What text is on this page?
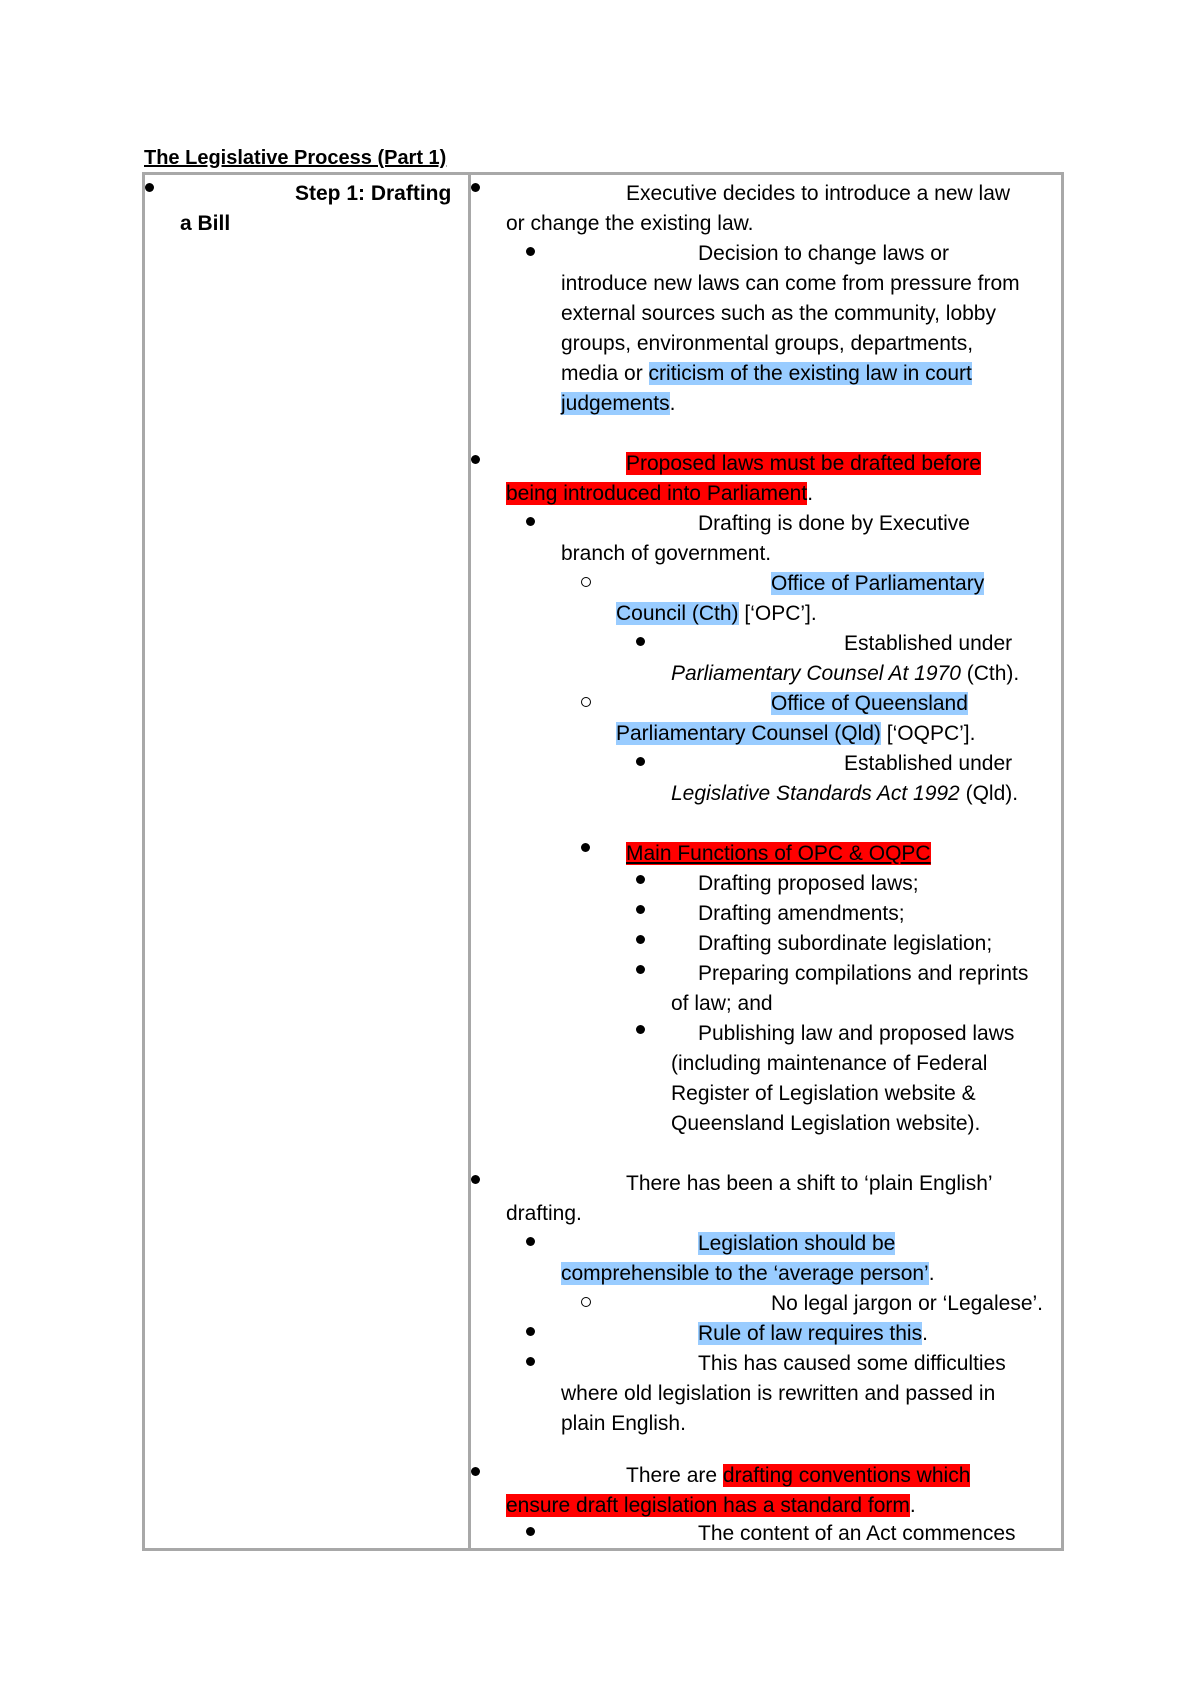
The Legislative Process (Part 1)
Step 1: Drafting
a Bill
Executive decides to introduce a new law
or change the existing law.
Decision to change laws or
introduce new laws can come from pressure from
external sources such as the community, lobby
groups, environmental groups, departments,
media or criticism of the existing law in court
judgements.
Proposed laws must be drafted before
being introduced into Parliament.
Drafting is done by Executive
branch of government.
Office of Parliamentary
Council (Cth) [‘OPC’].
Established under
Parliamentary Counsel At 1970 (Cth).
Office of Queensland
Parliamentary Counsel (Qld) [‘OQPC’].
Established under
Legislative Standards Act 1992 (Qld).
Main Functions of OPC & OQPC
Drafting proposed laws;
Drafting amendments;
Drafting subordinate legislation;
Preparing compilations and reprints
of law; and
Publishing law and proposed laws
(including maintenance of Federal
Register of Legislation website &
Queensland Legislation website).
There has been a shift to ‘plain English’
drafting.
Legislation should be
comprehensible to the ‘average person’.
No legal jargon or ‘Legalese’.
Rule of law requires this.
This has caused some difficulties
where old legislation is rewritten and passed in
plain English.
There are drafting conventions which
ensure draft legislation has a standard form.
The content of an Act commences
